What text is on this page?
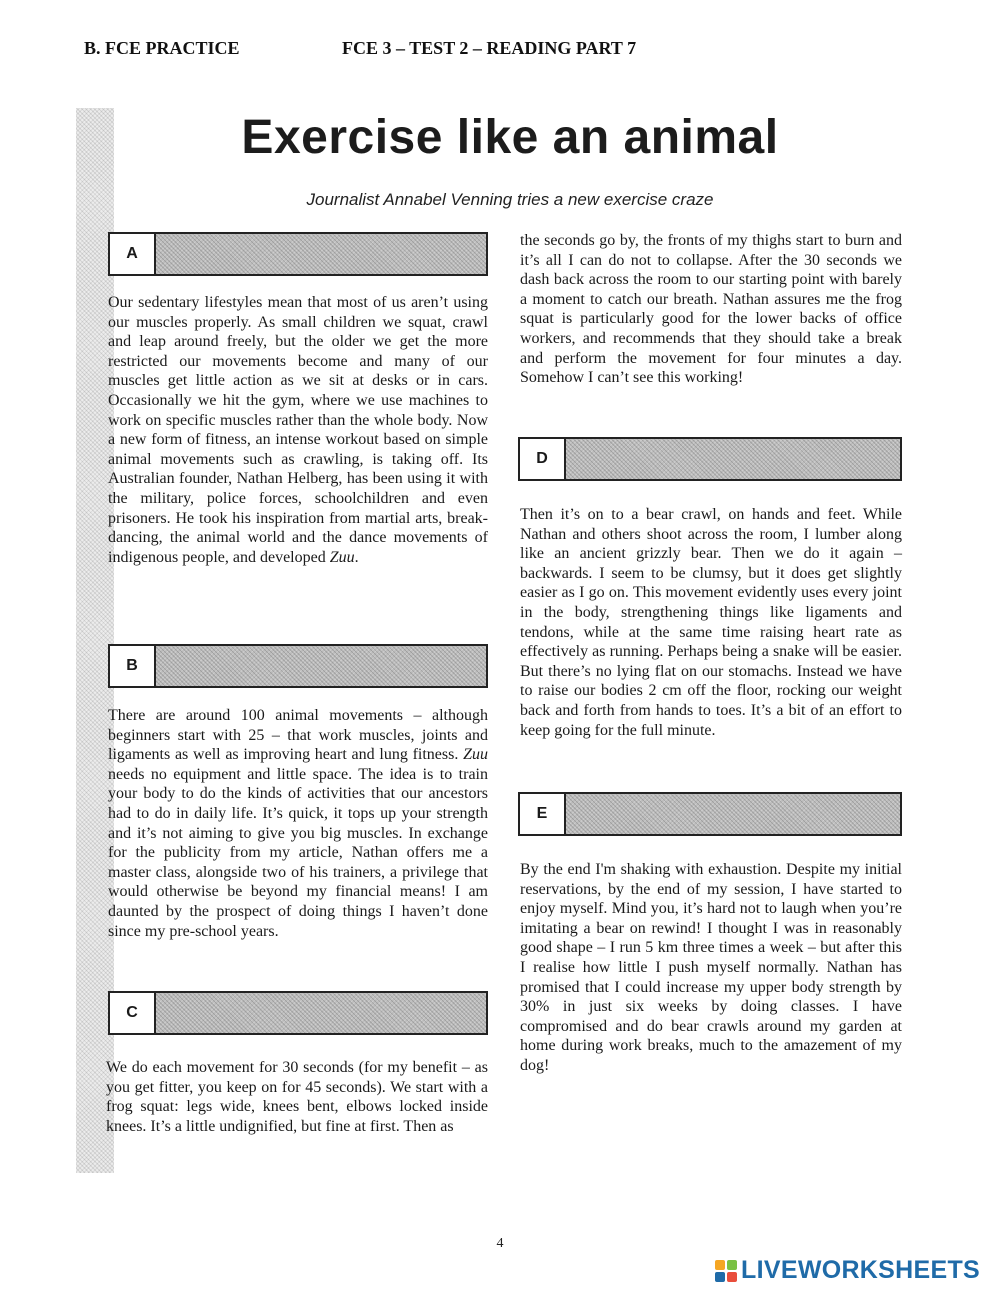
B. FCE PRACTICE	FCE 3 – TEST 2 – READING PART 7
Exercise like an animal

Journalist Annabel Venning tries a new exercise craze

A

Our sedentary lifestyles mean that most of us aren’t using our muscles properly. As small children we squat, crawl and leap around freely, but the older we get the more restricted our movements become and many of our muscles get little action as we sit at desks or in cars. Occasionally we hit the gym, where we use machines to work on specific muscles rather than the whole body. Now a new form of fitness, an intense workout based on simple animal movements such as crawling, is taking off. Its Australian founder, Nathan Helberg, has been using it with the military, police forces, schoolchildren and even prisoners. He took his inspiration from martial arts, break-dancing, the animal world and the dance movements of indigenous people, and developed Zuu.

B

There are around 100 animal movements – although beginners start with 25 – that work muscles, joints and ligaments as well as improving heart and lung fitness. Zuu needs no equipment and little space. The idea is to train your body to do the kinds of activities that our ancestors had to do in daily life. It’s quick, it tops up your strength and it’s not aiming to give you big muscles. In exchange for the publicity from my article, Nathan offers me a master class, alongside two of his trainers, a privilege that would otherwise be beyond my financial means! I am daunted by the prospect of doing things I haven’t done since my pre-school years.

C

We do each movement for 30 seconds (for my benefit – as you get fitter, you keep on for 45 seconds). We start with a frog squat: legs wide, knees bent, elbows locked inside knees. It’s a little undignified, but fine at first. Then as

the seconds go by, the fronts of my thighs start to burn and it’s all I can do not to collapse. After the 30 seconds we dash back across the room to our starting point with barely a moment to catch our breath. Nathan assures me the frog squat is particularly good for the lower backs of office workers, and recommends that they should take a break and perform the movement for four minutes a day. Somehow I can’t see this working!

D

Then it’s on to a bear crawl, on hands and feet. While Nathan and others shoot across the room, I lumber along like an ancient grizzly bear. Then we do it again – backwards. I seem to be clumsy, but it does get slightly easier as I go on. This movement evidently uses every joint in the body, strengthening things like ligaments and tendons, while at the same time raising heart rate as effectively as running. Perhaps being a snake will be easier. But there’s no lying flat on our stomachs. Instead we have to raise our bodies 2 cm off the floor, rocking our weight back and forth from hands to toes. It’s a bit of an effort to keep going for the full minute.

E

By the end I'm shaking with exhaustion. Despite my initial reservations, by the end of my session, I have started to enjoy myself. Mind you, it’s hard not to laugh when you’re imitating a bear on rewind! I thought I was in reasonably good shape – I run 5 km three times a week – but after this I realise how little I push myself normally. Nathan has promised that I could increase my upper body strength by 30% in just six weeks by doing classes. I have compromised and do bear crawls around my garden at home during work breaks, much to the amazement of my dog!

4
LIVEWORKSHEETS
